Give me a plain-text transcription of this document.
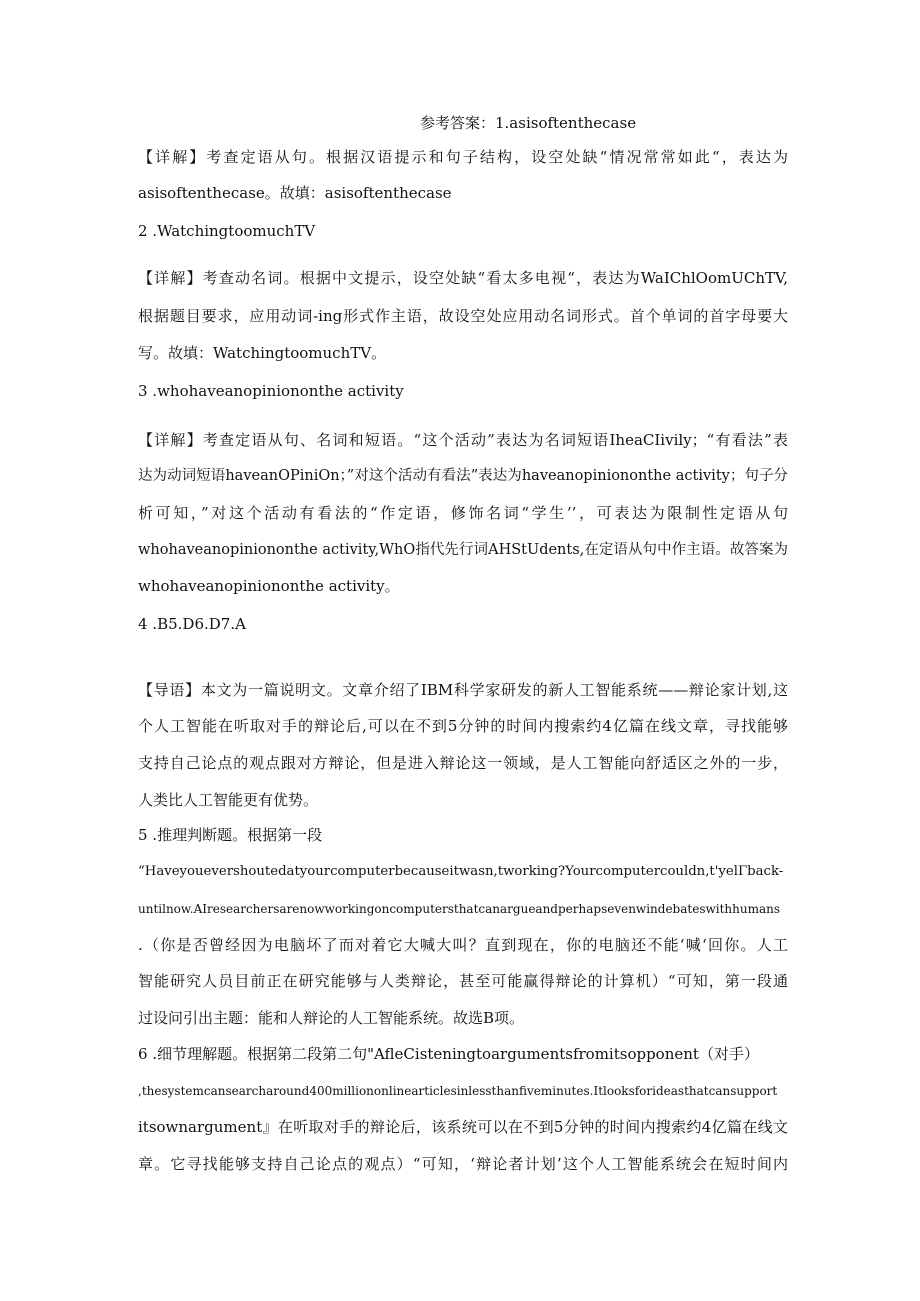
参考答案：1.asisoftenthecase
【详解】考查定语从句。根据汉语提示和句子结构，设空处缺“情况常常如此“，表达为
asisoftenthecase。故填：asisoftenthecase
2 .WatchingtoomuchTV
【详解】考查动名词。根据中文提示，设空处缺“看太多电视“，表达为WaIChlOomUChTV,
根据题目要求，应用动词-ing形式作主语，故设空处应用动名词形式。首个单词的首字母要大
写。故填：WatchingtoomuchTV。
3 .whohaveanopiniononthe activity
【详解】考查定语从句、名词和短语。“这个活动”表达为名词短语IheaCIivily；“有看法”表
达为动词短语haveanOPiniOn；”对这个活动有看法”表达为haveanopiniononthe activity；句子分
析可知，”对这个活动有看法的“作定语，修饰名词“学生’’，可表达为限制性定语从句
whohaveanopiniononthe activity,WhO指代先行词AHStUdents,在定语从句中作主语。故答案为
whohaveanopiniononthe activity。
4 .B5.D6.D7.A
【导语】本文为一篇说明文。文章介绍了IBM科学家研发的新人工智能系统——辩论家计划,这
个人工智能在听取对手的辩论后,可以在不到5分钟的时间内搜索约4亿篇在线文章，寻找能够
支持自己论点的观点跟对方辩论，但是进入辩论这一领域，是人工智能向舒适区之外的一步，
人类比人工智能更有优势。
5 .推理判断题。根据第一段
“Haveyouevershoutedatyourcomputerbecauseitwasn,tworking?Yourcomputercouldn,t'yelΓback-
untilnow.AIresearchersarenowworkingoncomputersthatcanargueandperhapsevenwindebateswithhumans
.（你是否曾经因为电脑坏了而对着它大喊大叫？直到现在，你的电脑还不能‘喊‘回你。人工
智能研究人员目前正在研究能够与人类辩论，甚至可能赢得辩论的计算机）“可知，第一段通
过设问引出主题：能和人辩论的人工智能系统。故选B项。
6 .细节理解题。根据第二段第二句"AfleCisteningtoargumentsfromitsopponent（对手）
,thesystemcansearcharound400milliononlinearticlesinlessthanfiveminutes.Itlooksforideasthatcansupport
itsownargument』在听取对手的辩论后，该系统可以在不到5分钟的时间内搜索约4亿篇在线文
章。它寻找能够支持自己论点的观点）“可知，‘辩论者计划’这个人工智能系统会在短时间内
